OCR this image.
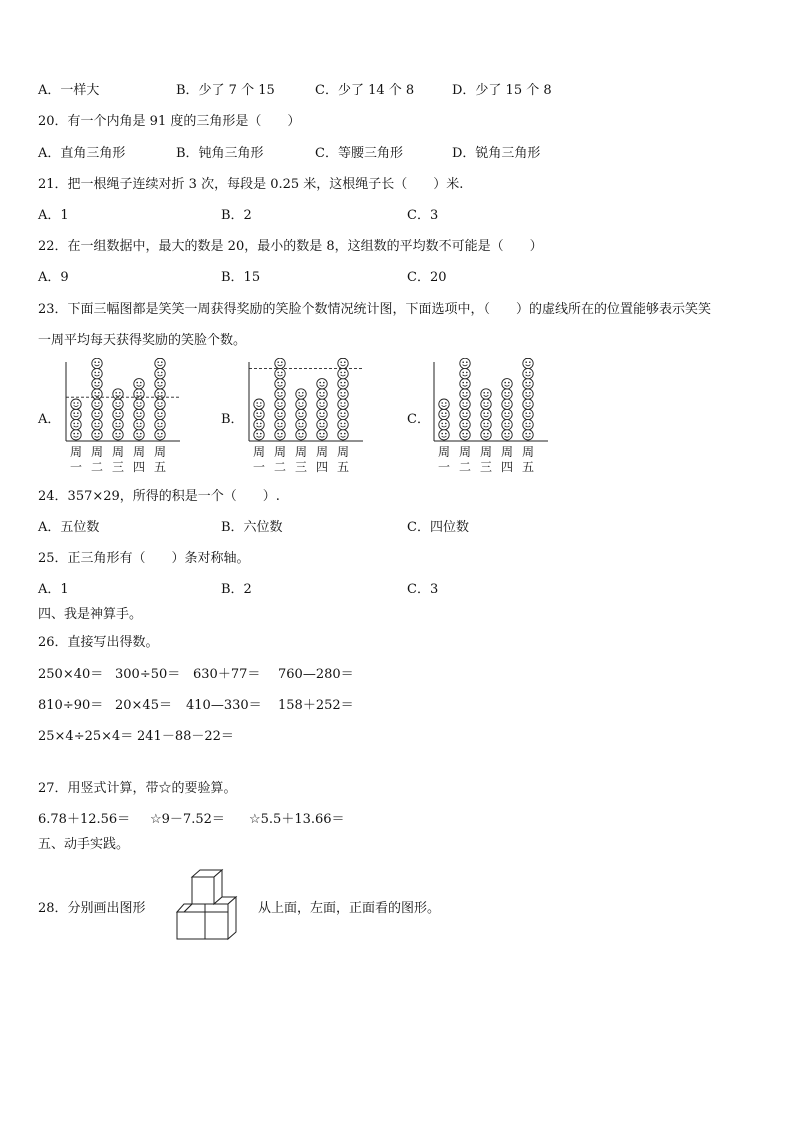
A．一样大	B．少了 7 个 15	C．少了 14 个 8	D．少了 15 个 8
20．有一个内角是 91 度的三角形是（　　）
A．直角三角形	B．钝角三角形	C．等腰三角形	D．锐角三角形
21．把一根绳子连续对折 3 次，每段是 0.25 米，这根绳子长（　　）米.
A．1	B．2	C．3
22．在一组数据中，最大的数是 20，最小的数是 8，这组数的平均数不可能是（　　）
A．9	B．15	C．20
23．下面三幅图都是笑笑一周获得奖励的笑脸个数情况统计图，下面选项中，（　　）的虚线所在的位置能够表示笑笑
一周平均每天获得奖励的笑脸个数。
A．	B．	C．
周
一
周
二
周
三
周
四
周
五
周
一
周
二
周
三
周
四
周
五
周
一
周
二
周
三
周
四
周
五
24．357×29，所得的积是一个（　　）.
A．五位数	B．六位数	C．四位数
25．正三角形有（　　）条对称轴。
A．1	B．2	C．3
四、我是神算手。
26．直接写出得数。
250×40＝ 300÷50＝ 630＋77＝ 760—280＝
810÷90＝ 20×45＝ 410—330＝ 158＋252＝
25×4÷25×4＝ 241－88－22＝
27．用竖式计算，带☆的要验算。
6.78＋12.56＝ ☆9－7.52＝ ☆5.5＋13.66＝
五、动手实践。
28．分别画出图形	从上面，左面，正面看的图形。
